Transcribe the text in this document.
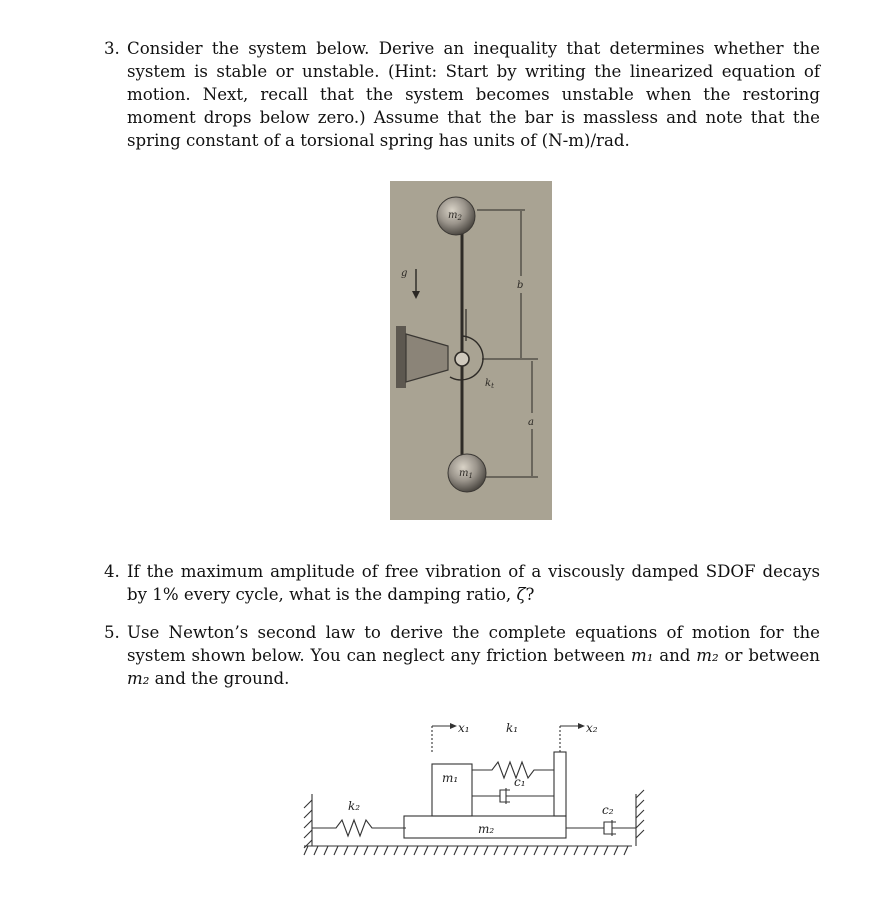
3. Consider the system below. Derive an inequality that determines whether the system is stable or unstable. (Hint: Start by writing the linearized equation of motion. Next, recall that the system becomes unstable when the restoring moment drops below zero.) Assume that the bar is massless and note that the spring constant of a torsional spring has units of (N-m)/rad.
$m_2$
$m_1$
g
b
a
$k_t$
4. If the maximum amplitude of free vibration of a viscously damped SDOF decays by 1% every cycle, what is the damping ratio, ζ?
5. Use Newton’s second law to derive the complete equations of motion for the system shown below. You can neglect any friction between m₁ and m₂ or between m₂ and the ground.
x₁	x₂
k₁
k₂
c₁
c₂
m₁
m₂
